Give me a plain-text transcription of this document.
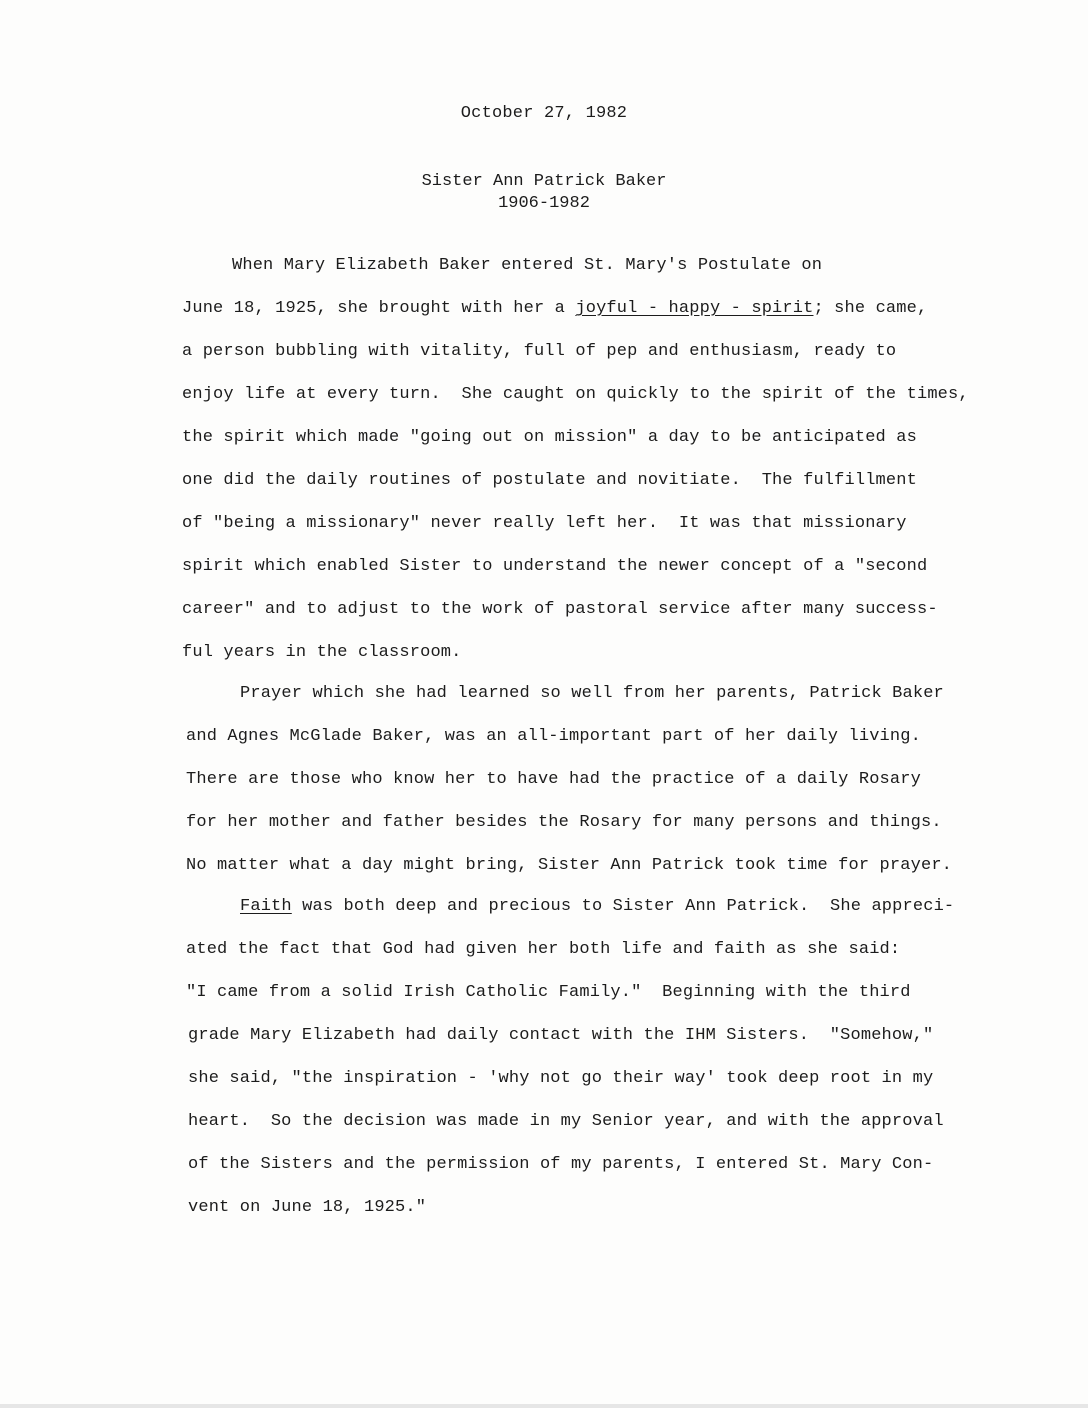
October 27, 1982
Sister Ann Patrick Baker
1906-1982
When Mary Elizabeth Baker entered St. Mary's Postulate on
June 18, 1925, she brought with her a joyful - happy - spirit; she came,
a person bubbling with vitality, full of pep and enthusiasm, ready to
enjoy life at every turn.  She caught on quickly to the spirit of the times,
the spirit which made "going out on mission" a day to be anticipated as
one did the daily routines of postulate and novitiate.  The fulfillment
of "being a missionary" never really left her.  It was that missionary
spirit which enabled Sister to understand the newer concept of a "second
career" and to adjust to the work of pastoral service after many success-
ful years in the classroom.
Prayer which she had learned so well from her parents, Patrick Baker
and Agnes McGlade Baker, was an all-important part of her daily living.
There are those who know her to have had the practice of a daily Rosary
for her mother and father besides the Rosary for many persons and things.
No matter what a day might bring, Sister Ann Patrick took time for prayer.
Faith was both deep and precious to Sister Ann Patrick.  She appreci-
ated the fact that God had given her both life and faith as she said:
"I came from a solid Irish Catholic Family."  Beginning with the third
grade Mary Elizabeth had daily contact with the IHM Sisters.  "Somehow,"
she said, "the inspiration - 'why not go their way' took deep root in my
heart.  So the decision was made in my Senior year, and with the approval
of the Sisters and the permission of my parents, I entered St. Mary Con-
vent on June 18, 1925."
